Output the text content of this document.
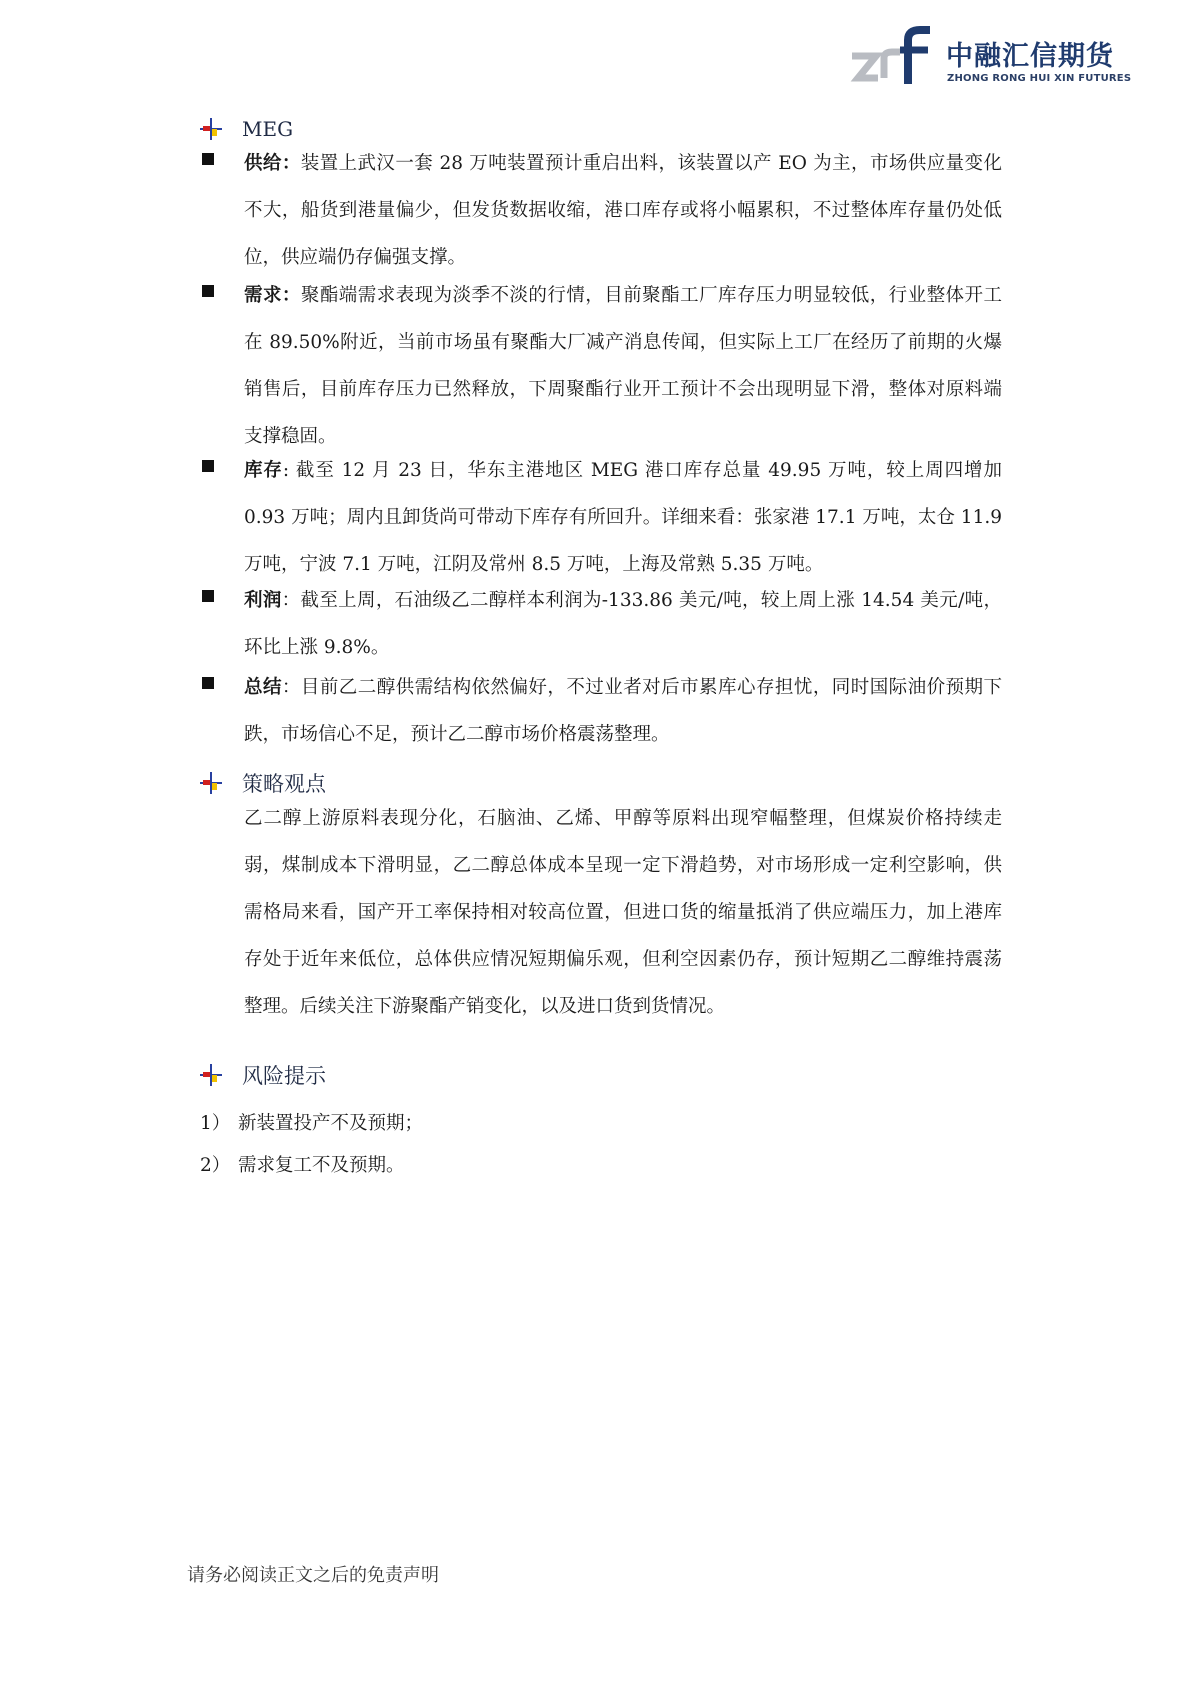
中融汇信期货
ZHONG RONG HUI XIN FUTURES
MEG
供给：装置上武汉一套 28 万吨装置预计重启出料，该装置以产 EO 为主，市场供应量变化不大，船货到港量偏少，但发货数据收缩，港口库存或将小幅累积，不过整体库存量仍处低位，供应端仍存偏强支撑。
需求：聚酯端需求表现为淡季不淡的行情，目前聚酯工厂库存压力明显较低，行业整体开工在 89.50%附近，当前市场虽有聚酯大厂减产消息传闻，但实际上工厂在经历了前期的火爆销售后，目前库存压力已然释放，下周聚酯行业开工预计不会出现明显下滑，整体对原料端支撑稳固。
库存: 截至 12 月 23 日，华东主港地区 MEG 港口库存总量 49.95 万吨，较上周四增加 0.93 万吨；周内且卸货尚可带动下库存有所回升。详细来看：张家港 17.1 万吨，太仓 11.9 万吨，宁波 7.1 万吨，江阴及常州 8.5 万吨，上海及常熟 5.35 万吨。
利润：截至上周，石油级乙二醇样本利润为-133.86 美元/吨，较上周上涨 14.54 美元/吨，环比上涨 9.8%。
总结：目前乙二醇供需结构依然偏好，不过业者对后市累库心存担忧，同时国际油价预期下跌，市场信心不足，预计乙二醇市场价格震荡整理。
策略观点
乙二醇上游原料表现分化，石脑油、乙烯、甲醇等原料出现窄幅整理，但煤炭价格持续走弱，煤制成本下滑明显，乙二醇总体成本呈现一定下滑趋势，对市场形成一定利空影响，供需格局来看，国产开工率保持相对较高位置，但进口货的缩量抵消了供应端压力，加上港库存处于近年来低位，总体供应情况短期偏乐观，但利空因素仍存，预计短期乙二醇维持震荡整理。后续关注下游聚酯产销变化，以及进口货到货情况。
风险提示
1） 新装置投产不及预期；
2） 需求复工不及预期。
请务必阅读正文之后的免责声明
